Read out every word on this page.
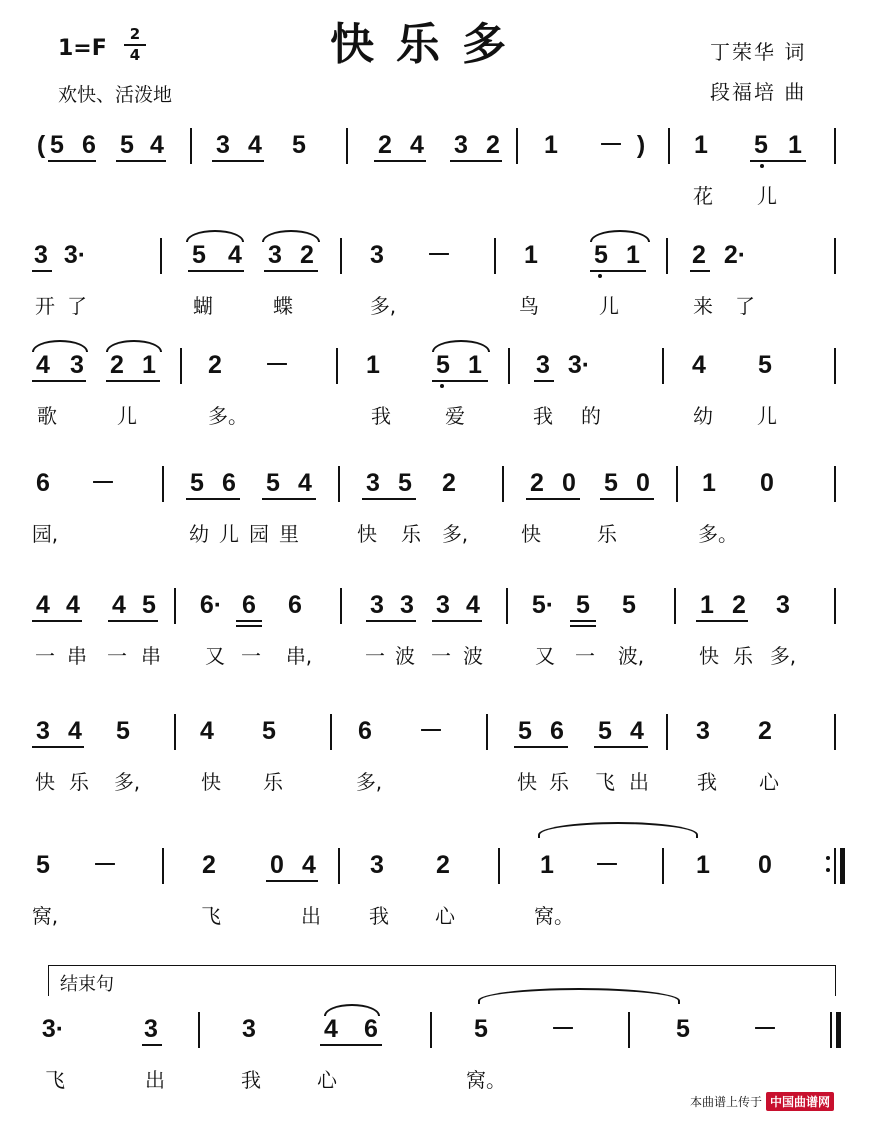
快乐多
1=F
2
4
欢快、活泼地
丁荣华 词
段福培 曲
( 5 6 5 4 3 4 5	2 4 3 2 1 － )	1 5 1
花 儿
3 3·	5 4 3 2 3 －	1 5 1 2 2·
开 了	蝴	蝶	多,	鸟	儿	来 了
4 3 2 1 2 －	1 5 1 3 3·	4 5
歌	儿	多。	我	爱	我 的	幼 儿
6 －	5 6 5 4 3 5 2	2 0 5 0 1 0
园,	幼 儿 园 里	快 乐 多,	快	乐	多。
4 4 4 5 6· 6 6	3 3 3 4 5· 5 5	1 2 3
一 串 一 串 又 一 串,	一 波 一 波	又 一 波,	快 乐 多,
3 4 5	4 5	6 －	5 6 5 4 3 2
快 乐 多,	快 乐	多,	快 乐 飞 出 我 心
5 －	2 0 4 3 2	1 －	1 0
窝,	飞	出 我 心	窝。
结束句
3·	3	3	4 6	5	－	5	－
飞	出	我	心	窝。
本曲谱上传于 中国曲谱网
